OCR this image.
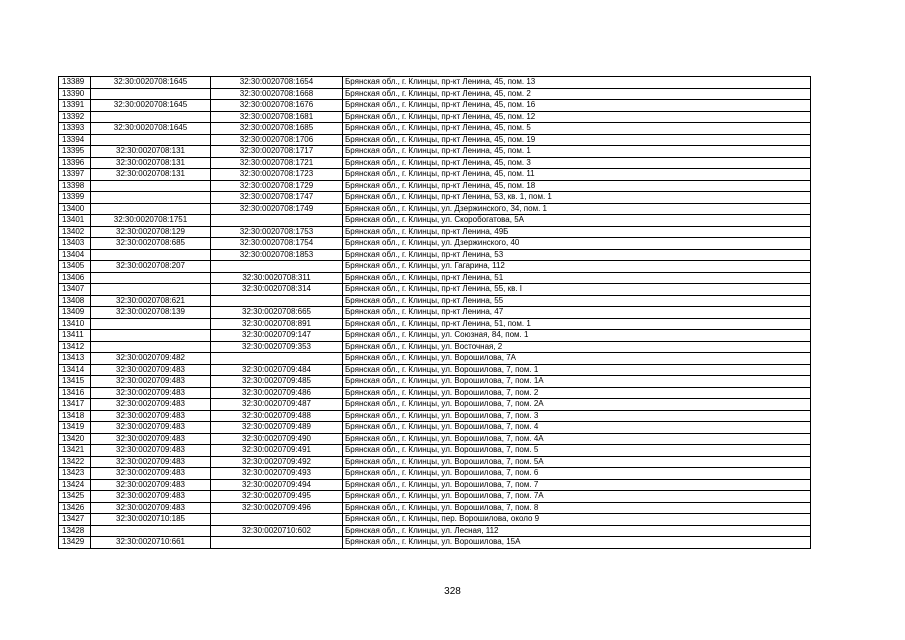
13389	32:30:0020708:1645	32:30:0020708:1654	Брянская обл., г. Клинцы, пр-кт Ленина, 45, пом. 13
13390		32:30:0020708:1668	Брянская обл., г. Клинцы, пр-кт Ленина, 45, пом. 2
13391	32:30:0020708:1645	32:30:0020708:1676	Брянская обл., г. Клинцы, пр-кт Ленина, 45, пом. 16
13392		32:30:0020708:1681	Брянская обл., г. Клинцы, пр-кт Ленина, 45, пом. 12
13393	32:30:0020708:1645	32:30:0020708:1685	Брянская обл., г. Клинцы, пр-кт Ленина, 45, пом. 5
13394		32:30:0020708:1706	Брянская обл., г. Клинцы, пр-кт Ленина, 45, пом. 19
13395	32:30:0020708:131	32:30:0020708:1717	Брянская обл., г. Клинцы, пр-кт Ленина, 45, пом. 1
13396	32:30:0020708:131	32:30:0020708:1721	Брянская обл., г. Клинцы, пр-кт Ленина, 45, пом. 3
13397	32:30:0020708:131	32:30:0020708:1723	Брянская обл., г. Клинцы, пр-кт Ленина, 45, пом. 11
13398		32:30:0020708:1729	Брянская обл., г. Клинцы, пр-кт Ленина, 45, пом. 18
13399		32:30:0020708:1747	Брянская обл., г. Клинцы, пр-кт Ленина, 53, кв. 1, пом. 1
13400		32:30:0020708:1749	Брянская обл., г. Клинцы, ул. Дзержинского, 34, пом. 1
13401	32:30:0020708:1751		Брянская обл., г. Клинцы, ул. Скоробогатова, 5А
13402	32:30:0020708:129	32:30:0020708:1753	Брянская обл., г. Клинцы, пр-кт Ленина, 49Б
13403	32:30:0020708:685	32:30:0020708:1754	Брянская обл., г. Клинцы, ул. Дзержинского, 40
13404		32:30:0020708:1853	Брянская обл., г. Клинцы, пр-кт Ленина, 53
13405	32:30:0020708:207		Брянская обл., г. Клинцы, ул. Гагарина, 112
13406		32:30:0020708:311	Брянская обл., г. Клинцы, пр-кт Ленина, 51
13407		32:30:0020708:314	Брянская обл., г. Клинцы, пр-кт Ленина, 55, кв. I
13408	32:30:0020708:621		Брянская обл., г. Клинцы, пр-кт Ленина, 55
13409	32:30:0020708:139	32:30:0020708:665	Брянская обл., г. Клинцы, пр-кт Ленина, 47
13410		32:30:0020708:891	Брянская обл., г. Клинцы, пр-кт Ленина, 51, пом. 1
13411		32:30:0020709:147	Брянская обл., г. Клинцы, ул. Союзная, 84, пом. 1
13412		32:30:0020709:353	Брянская обл., г. Клинцы, ул. Восточная, 2
13413	32:30:0020709:482		Брянская обл., г. Клинцы, ул. Ворошилова, 7А
13414	32:30:0020709:483	32:30:0020709:484	Брянская обл., г. Клинцы, ул. Ворошилова, 7, пом. 1
13415	32:30:0020709:483	32:30:0020709:485	Брянская обл., г. Клинцы, ул. Ворошилова, 7, пом. 1А
13416	32:30:0020709:483	32:30:0020709:486	Брянская обл., г. Клинцы, ул. Ворошилова, 7, пом. 2
13417	32:30:0020709:483	32:30:0020709:487	Брянская обл., г. Клинцы, ул. Ворошилова, 7, пом. 2А
13418	32:30:0020709:483	32:30:0020709:488	Брянская обл., г. Клинцы, ул. Ворошилова, 7, пом. 3
13419	32:30:0020709:483	32:30:0020709:489	Брянская обл., г. Клинцы, ул. Ворошилова, 7, пом. 4
13420	32:30:0020709:483	32:30:0020709:490	Брянская обл., г. Клинцы, ул. Ворошилова, 7, пом. 4А
13421	32:30:0020709:483	32:30:0020709:491	Брянская обл., г. Клинцы, ул. Ворошилова, 7, пом. 5
13422	32:30:0020709:483	32:30:0020709:492	Брянская обл., г. Клинцы, ул. Ворошилова, 7, пом. 5А
13423	32:30:0020709:483	32:30:0020709:493	Брянская обл., г. Клинцы, ул. Ворошилова, 7, пом. 6
13424	32:30:0020709:483	32:30:0020709:494	Брянская обл., г. Клинцы, ул. Ворошилова, 7, пом. 7
13425	32:30:0020709:483	32:30:0020709:495	Брянская обл., г. Клинцы, ул. Ворошилова, 7, пом. 7А
13426	32:30:0020709:483	32:30:0020709:496	Брянская обл., г. Клинцы, ул. Ворошилова, 7, пом. 8
13427	32:30:0020710:185		Брянская обл., г. Клинцы, пер. Ворошилова, около 9
13428		32:30:0020710:602	Брянская обл., г. Клинцы, ул. Лесная, 112
13429	32:30:0020710:661		Брянская обл., г. Клинцы, ул. Ворошилова, 15А
328
